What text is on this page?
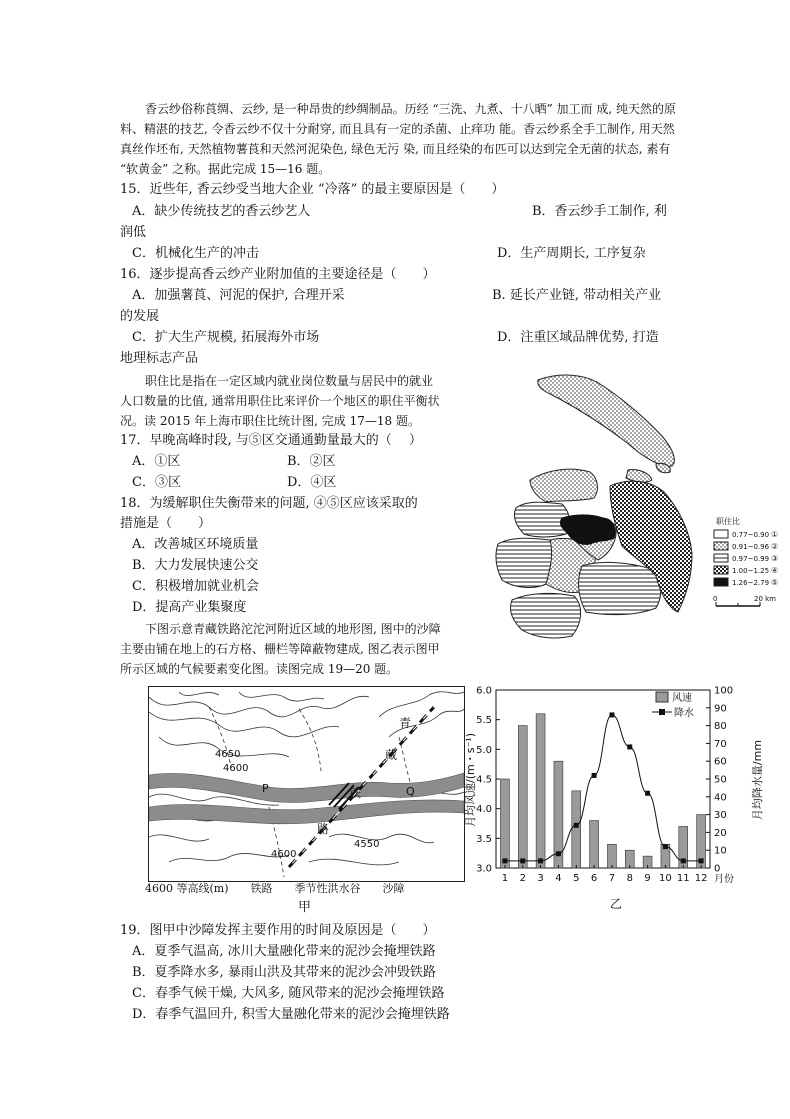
香云纱俗称莨绸、云纱, 是一种昂贵的纱绸制品。历经 “三洗、九煮、十八晒” 加工而 成, 纯天然的原
料、精湛的技艺, 令香云纱不仅十分耐穿, 而且具有一定的杀菌、止痒功 能。香云纱系全手工制作, 用天然
真丝作坯布, 天然植物薯莨和天然河泥染色, 绿色无污 染, 而且经染的布匹可以达到完全无菌的状态, 素有
“软黄金” 之称。据此完成 15—16 题。
15．近些年, 香云纱受当地大企业 “冷落” 的最主要原因是（　　）
A．缺少传统技艺的香云纱艺人	B．香云纱手工制作, 利
润低
C．机械化生产的冲击	D．生产周期长, 工序复杂
16．逐步提高香云纱产业附加值的主要途径是（　　）
A．加强薯莨、河泥的保护, 合理开采	B. 延长产业链, 带动相关产业
的发展
C．扩大生产规模, 拓展海外市场	D．注重区域品牌优势, 打造
地理标志产品
职住比是指在一定区域内就业岗位数量与居民中的就业
人口数量的比值, 通常用职住比来评价一个地区的职住平衡状
况。读 2015 年上海市职住比统计图, 完成 17—18 题。
17．早晚高峰时段, 与⑤区交通通勤量最大的（　 ）
A．①区	B．②区
C．③区	D．④区
18．为缓解职住失衡带来的问题, ④⑤区应该采取的
措施是（　　）
A．改善城区环境质量
B．大力发展快速公交
C．积极增加就业机会
D．提高产业集聚度
下图示意青藏铁路沱沱河附近区域的地形图, 图中的沙障
主要由铺在地上的石方格、栅栏等障蔽物建成, 图乙表示图甲
所示区域的气候要素变化图。读图完成 19—20 题。
职住比
0.77~0.90 ①
0.91~0.96 ②
0.97~0.99 ③
1.00~1.25 ④
1.26~2.79 ⑤
0	20 km
4650
4600
4600
4550
P	Q
青
藏
铁
路
4600 等高线(m)　　铁路　　季节性洪水谷　　沙障
甲
3.0
3.5
4.0
4.5
5.0
5.5
6.0
0
10
20
30
40
50
60
70
80
90
100
1 2 3 4 5 6 7 8 9 10 11 12
月均风速/(m・s⁻¹)	月均降水量/mm
月份
风速
降水
乙
19．图甲中沙障发挥主要作用的时间及原因是（　　）
A．夏季气温高, 冰川大量融化带来的泥沙会掩埋铁路
B．夏季降水多, 暴雨山洪及其带来的泥沙会冲毁铁路
C．春季气候干燥, 大风多, 随风带来的泥沙会掩埋铁路
D．春季气温回升, 积雪大量融化带来的泥沙会掩埋铁路
